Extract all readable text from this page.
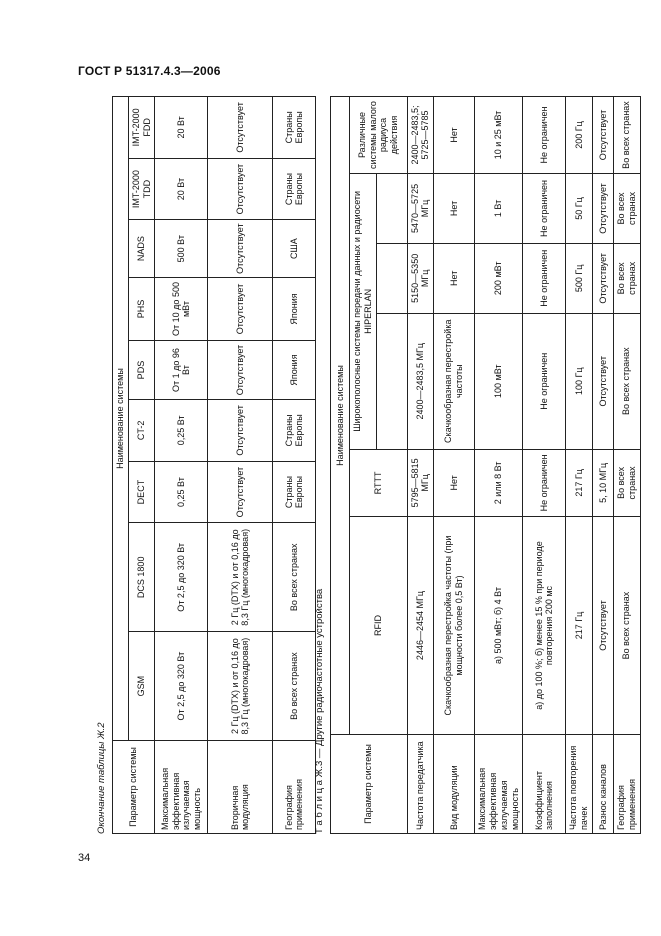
ГОСТ Р 51317.4.3—2006
Окончание таблицы Ж.2 Параметр системы	Наименование системы								
	GSM	DCS 1800	DECT	CT-2	PDS	PHS	NADS	IMT-2000 TDD	IMT-2000 FDD
Максимальная эффективная излучаемая мощность	От 2,5 до 320 Вт	От 2,5 до 320 Вт	0,25 Вт	0,25 Вт	От 1 до 96 Вт	От 10 до 500 мВт	500 Вт	20 Вт	20 Вт
Вторичная модуляция	2 Гц (DTX) и от 0,16 до 8,3 Гц (многокадровая)	2 Гц (DTX) и от 0,16 до 8,3 Гц (многокадровая)	Отсутствует	Отсутствует	Отсутствует	Отсутствует	Отсутствует	Отсутствует	Отсутствует
География применения	Во всех странах	Во всех странах	Страны Европы	Страны Европы	Япония	Япония	США	Страны Европы	Страны Европы
Т а б л и ц а Ж.3 — Другие радиочастотные устройства	Параметр системы	Наименование системы					
	RFID	RTTT	Широкополосные системы передачи данных и радиосети HIPERLAN			Различные системы малого радиуса действия

Частота передатчика	2446—2454 МГц	5795—5815 МГц	2400—2483,5 МГц	5150—5350 МГц	5470—5725 МГц	2400—2483,5; 5725—5785
Вид модуляции	Скачкообразная перестройка частоты (при мощности более 0,5 Вт)	Нет	Скачкообразная перестройка частоты	Нет	Нет	Нет
Максимальная эффективная излучаемая мощность	а) 500 мВт; б) 4 Вт	2 или 8 Вт	100 мВт	200 мВт	1 Вт	10 и 25 мВт
Коэффициент заполнения	а) до 100 %; б) менее 15 % при периоде повторения 200 мс	Не ограничен	Не ограничен	Не ограничен	Не ограничен	Не ограничен
Частота повторения пачек	217 Гц	217 Гц	100 Гц	500 Гц	50 Гц	200 Гц
Разнос каналов	Отсутствует	5, 10 МГц	Отсутствует	Отсутствует	Отсутствует	Отсутствует
География применения	Во всех странах	Во всех странах	Во всех странах	Во всех странах	Во всех странах	Во всех странах
34
